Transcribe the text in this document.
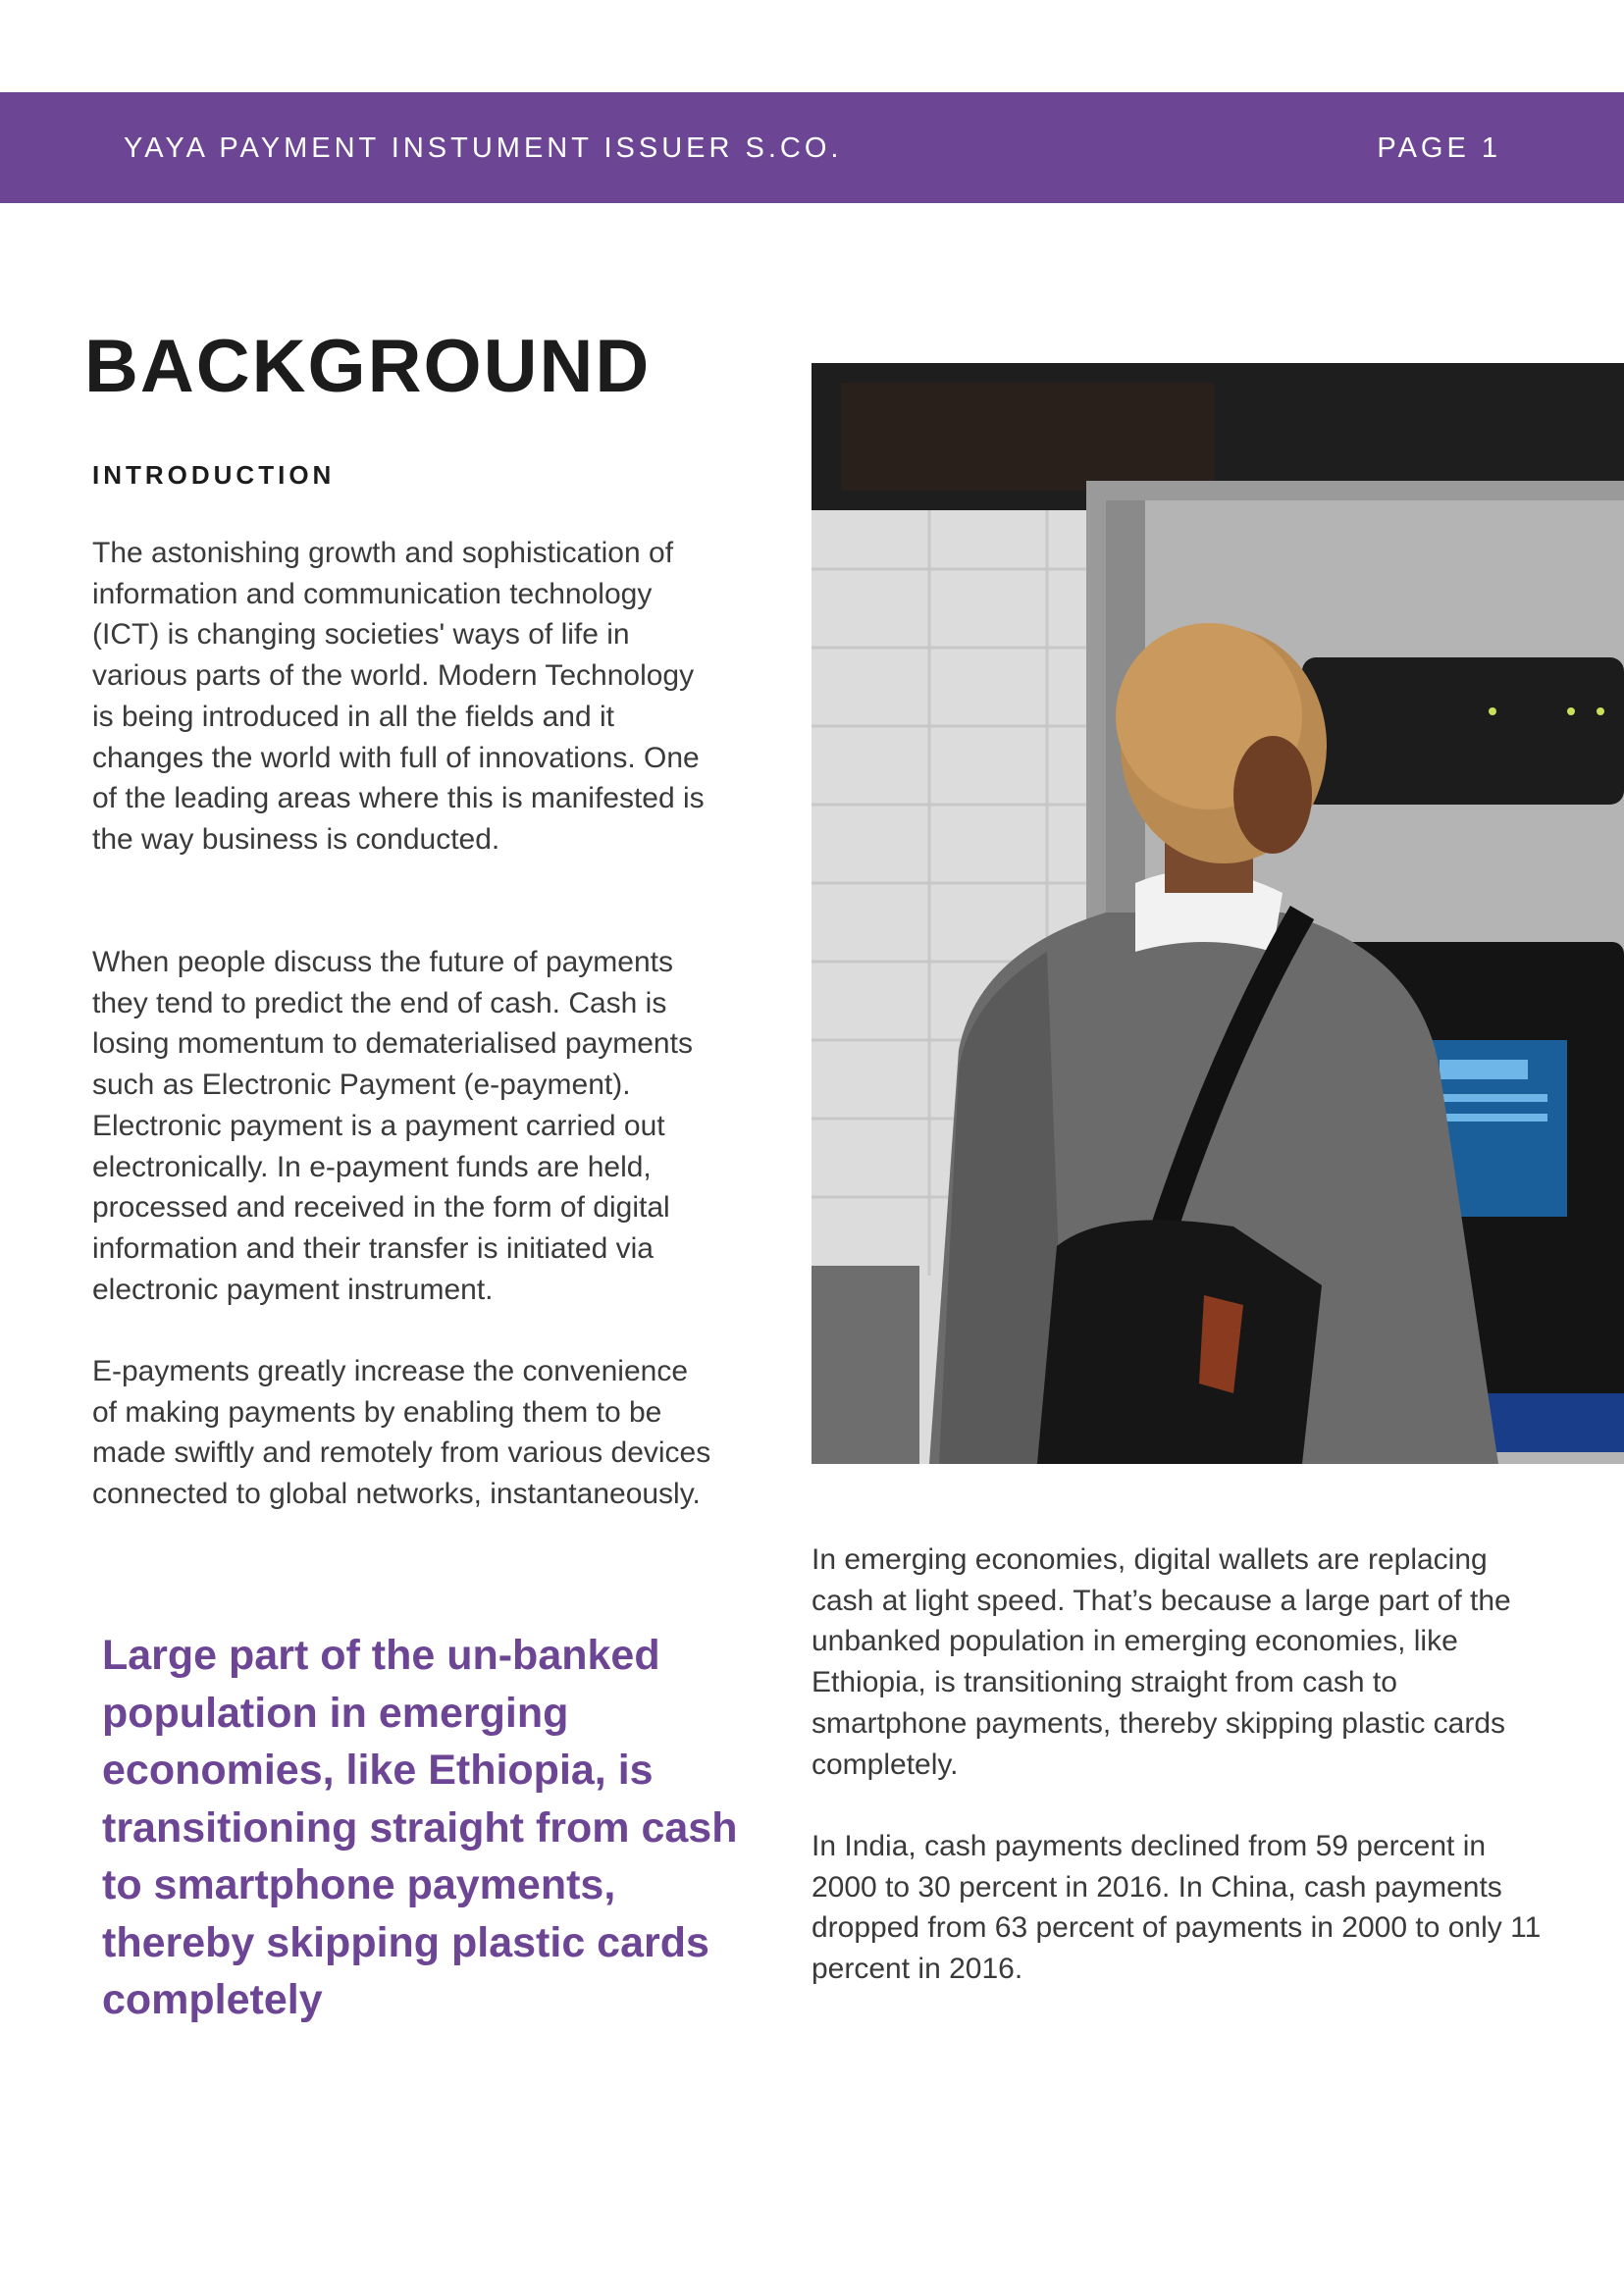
YAYA PAYMENT INSTUMENT ISSUER S.CO.	PAGE 1
BACKGROUND
INTRODUCTION

The astonishing growth and sophistication of information and communication technology (ICT) is changing societies' ways of life in various parts of the world. Modern Technology is being introduced in all the fields and it changes the world with full of innovations. One of the leading areas where this is manifested is the way business is conducted.

When people discuss the future of payments they tend to predict the end of cash. Cash is losing momentum to dematerialised payments such as Electronic Payment (e-payment). Electronic payment is a payment carried out electronically. In e-payment funds are held, processed and received in the form of digital information and their transfer is initiated via electronic payment instrument.

E-payments greatly increase the convenience of making payments by enabling them to be made swiftly and remotely from various devices connected to global networks, instantaneously.

Large part of the un-banked population in emerging economies, like Ethiopia, is transitioning straight from cash to smartphone payments, thereby skipping plastic cards completely

In emerging economies, digital wallets are replacing cash at light speed. That’s because a large part of the unbanked population in emerging economies, like Ethiopia, is transitioning straight from cash to smartphone payments, thereby skipping plastic cards completely.

In India, cash payments declined from 59 percent in 2000 to 30 percent in 2016. In China, cash payments dropped from 63 percent of payments in 2000 to only 11 percent in 2016.
